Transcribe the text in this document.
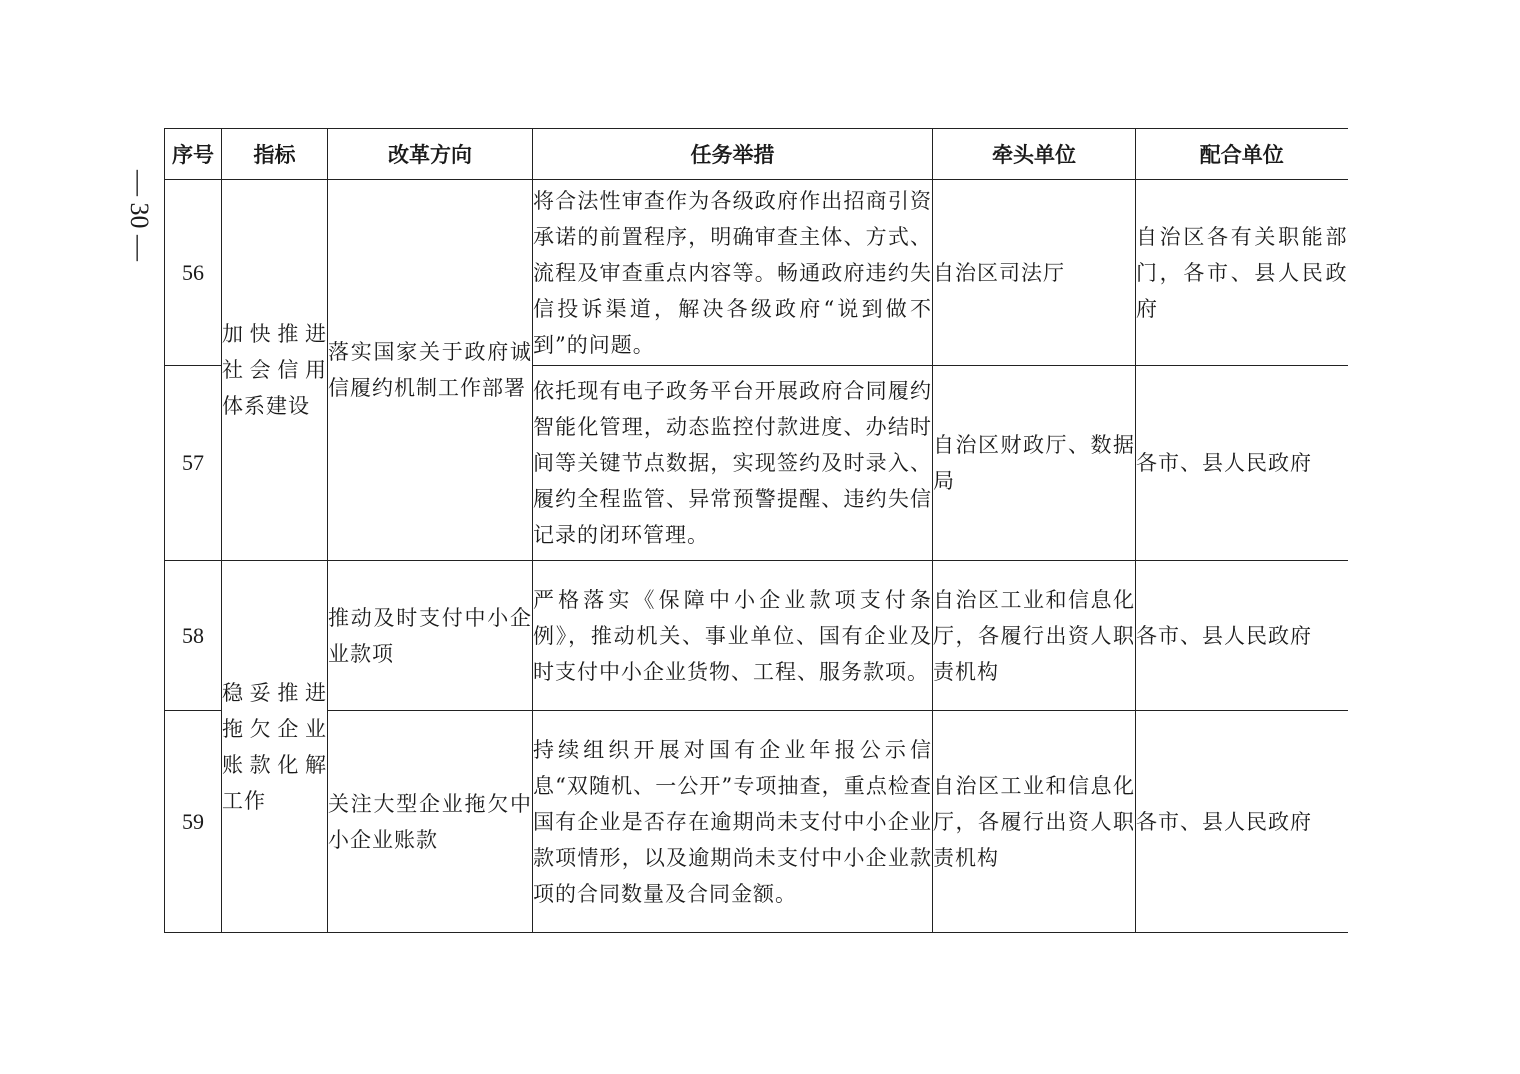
— 30 —
序号	指标	改革方向	任务举措	牵头单位	配合单位
56	加快推进社会信用体系建设	落实国家关于政府诚信履约机制工作部署	将合法性审查作为各级政府作出招商引资承诺的前置程序，明确审查主体、方式、流程及审查重点内容等。畅通政府违约失信投诉渠道，解决各级政府“说到做不到”的问题。	自治区司法厅	自治区各有关职能部门，各市、县人民政府
57			依托现有电子政务平台开展政府合同履约智能化管理，动态监控付款进度、办结时间等关键节点数据，实现签约及时录入、履约全程监管、异常预警提醒、违约失信记录的闭环管理。	自治区财政厅、数据局	各市、县人民政府
58	稳妥推进拖欠企业账款化解工作	推动及时支付中小企业款项	严格落实《保障中小企业款项支付条例》，推动机关、事业单位、国有企业及时支付中小企业货物、工程、服务款项。	自治区工业和信息化厅，各履行出资人职责机构	各市、县人民政府
59		关注大型企业拖欠中小企业账款	持续组织开展对国有企业年报公示信息“双随机、一公开”专项抽查，重点检查国有企业是否存在逾期尚未支付中小企业款项情形，以及逾期尚未支付中小企业款项的合同数量及合同金额。	自治区工业和信息化厅，各履行出资人职责机构	各市、县人民政府
